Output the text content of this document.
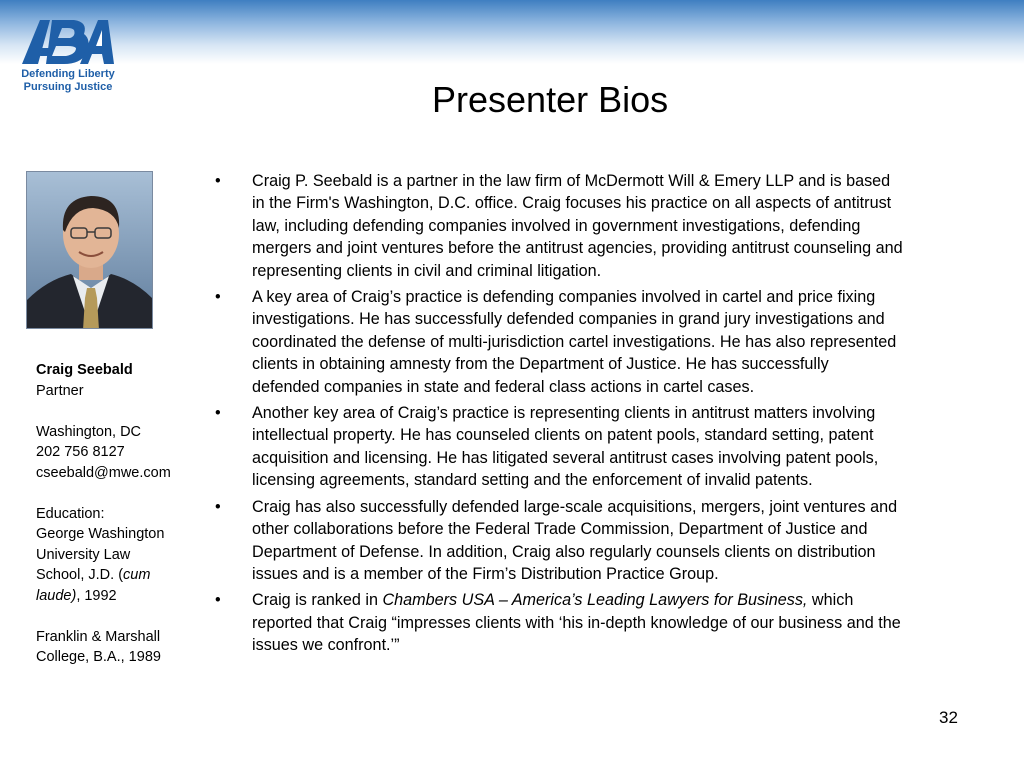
Defending Liberty
Pursuing Justice	Presenter Bios
Craig Seebald
Partner
Washington, DC
202 756 8127
cseebald@mwe.com
Education:
George Washington
University Law
School, J.D. (cum
laude), 1992
Franklin & Marshall
College, B.A., 1989
• Craig P. Seebald is a partner in the law firm of McDermott Will & Emery LLP and is based
in the Firm's Washington, D.C. office. Craig focuses his practice on all aspects of antitrust
law, including defending companies involved in government investigations, defending
mergers and joint ventures before the antitrust agencies, providing antitrust counseling and
representing clients in civil and criminal litigation.
• A key area of Craig’s practice is defending companies involved in cartel and price fixing
investigations. He has successfully defended companies in grand jury investigations and
coordinated the defense of multi-jurisdiction cartel investigations. He has also represented
clients in obtaining amnesty from the Department of Justice. He has successfully
defended companies in state and federal class actions in cartel cases.
• Another key area of Craig’s practice is representing clients in antitrust matters involving
intellectual property. He has counseled clients on patent pools, standard setting, patent
acquisition and licensing. He has litigated several antitrust cases involving patent pools,
licensing agreements, standard setting and the enforcement of invalid patents.
• Craig has also successfully defended large-scale acquisitions, mergers, joint ventures and
other collaborations before the Federal Trade Commission, Department of Justice and
Department of Defense. In addition, Craig also regularly counsels clients on distribution
issues and is a member of the Firm’s Distribution Practice Group.
• Craig is ranked in Chambers USA – America’s Leading Lawyers for Business, which
reported that Craig “impresses clients with ‘his in-depth knowledge of our business and the
issues we confront.’”
32
